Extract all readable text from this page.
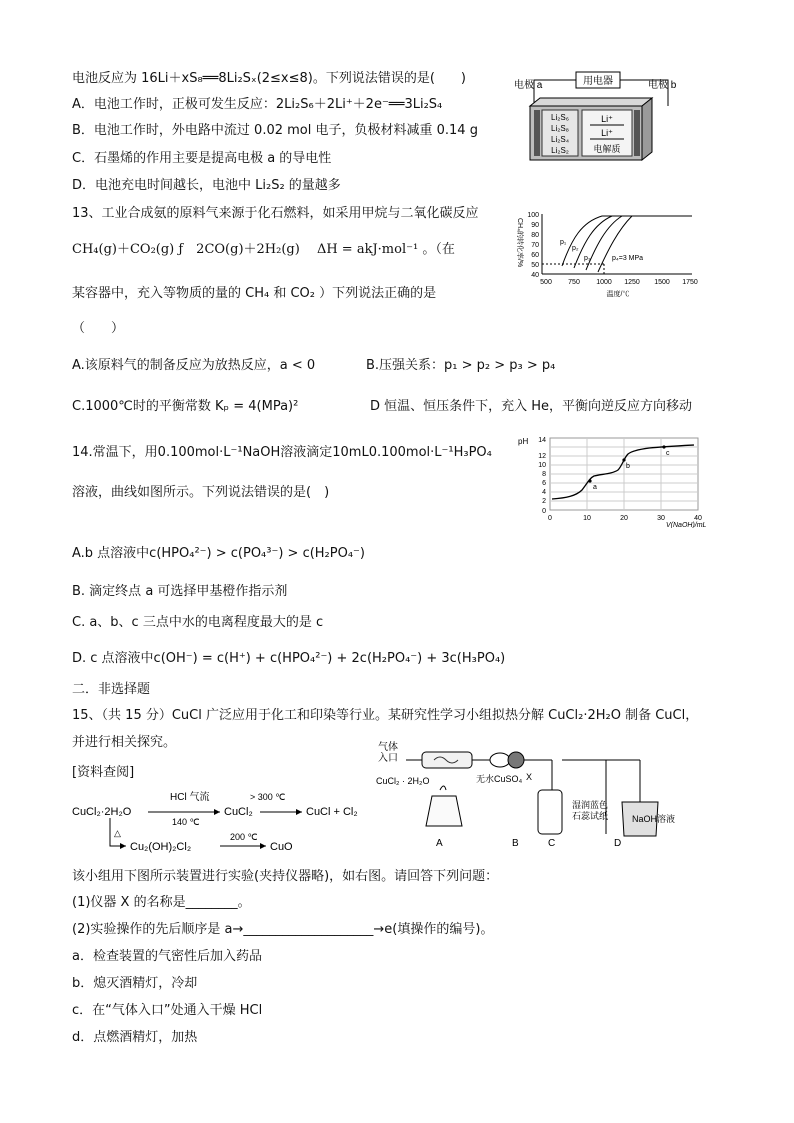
电池反应为 16Li＋xS₈══8Li₂Sₓ(2≤x≤8)。下列说法错误的是(　　)
A．电池工作时，正极可发生反应：2Li₂S₆＋2Li⁺＋2e⁻══3Li₂S₄
B．电池工作时，外电路中流过 0.02 mol 电子，负极材料减重 0.14 g
C．石墨烯的作用主要是提高电极 a 的导电性
D．电池充电时间越长，电池中 Li₂S₂ 的量越多
用电器
电极 a	电极 b
Li₂S₆
Li₂S₈
Li₂S₄
Li₂S₂
Li⁺
Li⁺
电解质
13、工业合成氨的原料气来源于化石燃料，如采用甲烷与二氧化碳反应
CH₄(g)＋CO₂(g) ƒ　2CO(g)＋2H₂(g)　 ΔH = akJ·mol⁻¹ 。（在
某容器中，充入等物质的量的 CH₄ 和 CO₂ ）下列说法正确的是
（　　）
A.该原料气的制备反应为放热反应，a < 0	B.压强关系：p₁ > p₂ > p₃ > p₄
C.1000℃时的平衡常数 Kₚ = 4(MPa)²	D 恒温、恒压条件下，充入 He，平衡向逆反应方向移动
CH₄的转化率/%
40
50
60
70
80
90
100
500 750 1000 1250 1500 1750
温度/℃
p₁
p₂
p₃	p₄=3 MPa
14.常温下，用0.100mol·L⁻¹NaOH溶液滴定10mL0.100mol·L⁻¹H₃PO₄
溶液，曲线如图所示。下列说法错误的是(　)
A.b 点溶液中c(HPO₄²⁻) > c(PO₄³⁻) > c(H₂PO₄⁻)
B. 滴定终点 a 可选择甲基橙作指示剂
C. a、b、c 三点中水的电离程度最大的是 c
D. c 点溶液中c(OH⁻) = c(H⁺) + c(HPO₄²⁻) + 2c(H₂PO₄⁻) + 3c(H₃PO₄)
pH
0
2
4
6
8
10
12
14
0	10	20	30	40
V(NaOH)/mL
a
b
c
二．非选择题
15、（共 15 分）CuCl 广泛应用于化工和印染等行业。某研究性学习小组拟热分解 CuCl₂·2H₂O 制备 CuCl，
并进行相关探究。
[资料查阅]
CuCl₂·2H₂O
HCl 气流
140 ℃
CuCl₂
> 300 ℃
CuCl + Cl₂
△
Cu₂(OH)₂Cl₂
200 ℃
CuO
气体入口
CuCl₂ · 2H₂O	无水CuSO₄ X
湿润蓝色石蕊试纸	NaOH溶液
A	B	C	D
该小组用下图所示装置进行实验(夹持仪器略)，如右图。请回答下列问题：
(1)仪器 X 的名称是________。
(2)实验操作的先后顺序是 a→____________________→e(填操作的编号)。
a．检查装置的气密性后加入药品
b．熄灭酒精灯，冷却
c．在“气体入口”处通入干燥 HCl
d．点燃酒精灯，加热
